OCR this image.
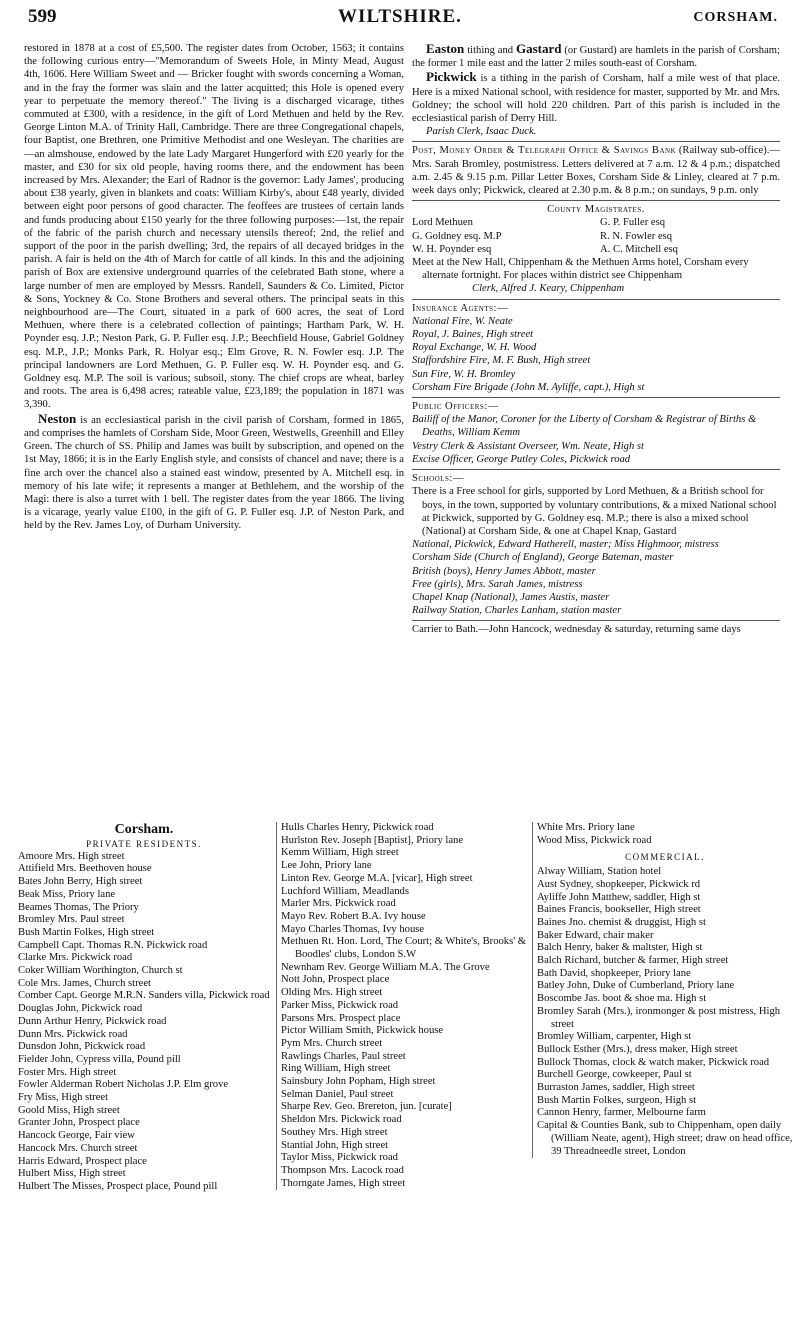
599	WILTSHIRE.	CORSHAM.

restored in 1878 at a cost of £5,500. The register dates from October, 1563; it contains the following curious entry—"Memorandum of Sweets Hole, in Minty Mead, August 4th, 1606. Here William Sweet and — Bricker fought with swords concerning a Woman, and in the fray the former was slain and the latter acquitted; this Hole is opened every year to perpetuate the memory thereof." The living is a discharged vicarage, tithes commuted at £300, with a residence, in the gift of Lord Methuen and held by the Rev. George Linton M.A. of Trinity Hall, Cambridge. There are three Congregational chapels, four Baptist, one Brethren, one Primitive Methodist and one Wesleyan. The charities are—an almshouse, endowed by the late Lady Margaret Hungerford with £20 yearly for the master, and £30 for six old people, having rooms there, and the endowment has been increased by Mrs. Alexander; the Earl of Radnor is the governor: Lady James', producing about £38 yearly, given in blankets and coats: William Kirby's, about £48 yearly, divided between eight poor persons of good character. The feoffees are trustees of certain lands and funds producing about £150 yearly for the three following purposes:—1st, the repair of the fabric of the parish church and necessary utensils thereof; 2nd, the relief and support of the poor in the parish dwelling; 3rd, the repairs of all decayed bridges in the parish. A fair is held on the 4th of March for cattle of all kinds. In this and the adjoining parish of Box are extensive underground quarries of the celebrated Bath stone, where a large number of men are employed by Messrs. Randell, Saunders & Co. Limited, Pictor & Sons, Yockney & Co. Stone Brothers and several others. The principal seats in this neighbourhood are—The Court, situated in a park of 600 acres, the seat of Lord Methuen, where there is a celebrated collection of paintings; Hartham Park, W. H. Poynder esq. J.P.; Neston Park, G. P. Fuller esq. J.P.; Beechfield House, Gabriel Goldney esq. M.P., J.P.; Monks Park, R. Holyar esq.; Elm Grove, R. N. Fowler esq. J.P. The principal landowners are Lord Methuen, G. P. Fuller esq. W. H. Poynder esq. and G. Goldney esq. M.P. The soil is various; subsoil, stony. The chief crops are wheat, barley and roots. The area is 6,498 acres; rateable value, £23,189; the population in 1871 was 3,390.

Neston is an ecclesiastical parish in the civil parish of Corsham, formed in 1865, and comprises the hamlets of Corsham Side, Moor Green, Westwells, Greenhill and Elley Green. The church of SS. Philip and James was built by subscription, and opened on the 1st May, 1866; it is in the Early English style, and consists of chancel and nave; there is a fine arch over the chancel also a stained east window, presented by A. Mitchell esq. in memory of his late wife; it represents a manger at Bethlehem, and the worship of the Magi: there is also a turret with 1 bell. The register dates from the year 1866. The living is a vicarage, yearly value £100, in the gift of G. P. Fuller esq. J.P. of Neston Park, and held by the Rev. James Loy, of Durham University.

Easton tithing and Gastard (or Gustard) are hamlets in the parish of Corsham; the former 1 mile east and the latter 2 miles south-east of Corsham.

Pickwick is a tithing in the parish of Corsham, half a mile west of that place. Here is a mixed National school, with residence for master, supported by Mr. and Mrs. Goldney; the school will hold 220 children. Part of this parish is included in the ecclesiastical parish of Derry Hill.

Parish Clerk, Isaac Duck.

Post, Money Order & Telegraph Office & Savings Bank (Railway sub-office).—Mrs. Sarah Bromley, postmistress. Letters delivered at 7 a.m. 12 & 4 p.m.; dispatched a.m. 2.45 & 9.15 p.m. Pillar Letter Boxes, Corsham Side & Linley, cleared at 7 p.m. week days only; Pickwick, cleared at 2.30 p.m. & 8 p.m.; on sundays, 9 p.m. only

County Magistrates.

Lord Methuen	G. P. Fuller esq
G. Goldney esq. M.P	R. N. Fowler esq
W. H. Poynder esq	A. C. Mitchell esq

Meet at the New Hall, Chippenham & the Methuen Arms hotel, Corsham every alternate fortnight. For places within district see Chippenham

Clerk, Alfred J. Keary, Chippenham

Insurance Agents:—

National Fire, W. Neate

Royal, J. Baines, High street

Royal Exchange, W. H. Wood

Staffordshire Fire, M. F. Bush, High street

Sun Fire, W. H. Bromley

Corsham Fire Brigade (John M. Ayliffe, capt.), High st

Public Officers:—

Bailiff of the Manor, Coroner for the Liberty of Corsham & Registrar of Births & Deaths, William Kemm

Vestry Clerk & Assistant Overseer, Wm. Neate, High st

Excise Officer, George Putley Coles, Pickwick road

Schools:—

There is a Free school for girls, supported by Lord Methuen, & a British school for boys, in the town, supported by voluntary contributions, & a mixed National school at Pickwick, supported by G. Goldney esq. M.P.; there is also a mixed school (National) at Corsham Side, & one at Chapel Knap, Gastard

National, Pickwick, Edward Hatherell, master; Miss Highmoor, mistress

Corsham Side (Church of England), George Bateman, master

British (boys), Henry James Abbott, master

Free (girls), Mrs. Sarah James, mistress

Chapel Knap (National), James Austis, master

Railway Station, Charles Lanham, station master

Carrier to Bath.—John Hancock, wednesday & saturday, returning same days

Corsham.
PRIVATE RESIDENTS.
Amoore Mrs. High street
Attifield Mrs. Beethoven house
Bates John Berry, High street
Beak Miss, Priory lane
Beames Thomas, The Priory
Bromley Mrs. Paul street
Bush Martin Folkes, High street
Campbell Capt. Thomas R.N. Pickwick road
Clarke Mrs. Pickwick road
Coker William Worthington, Church st
Cole Mrs. James, Church street
Comber Capt. George M.R.N. Sanders villa, Pickwick road
Douglas John, Pickwick road
Dunn Arthur Henry, Pickwick road
Dunn Mrs. Pickwick road
Dunsdon John, Pickwick road
Fielder John, Cypress villa, Pound pill
Foster Mrs. High street
Fowler Alderman Robert Nicholas J.P. Elm grove
Fry Miss, High street
Goold Miss, High street
Granter John, Prospect place
Hancock George, Fair view
Hancock Mrs. Church street
Harris Edward, Prospect place
Hulbert Miss, High street
Hulbert The Misses, Prospect place, Pound pill
Hulls Charles Henry, Pickwick road
Hurlston Rev. Joseph [Baptist], Priory lane
Kemm William, High street
Lee John, Priory lane
Linton Rev. George M.A. [vicar], High street
Luchford William, Meadlands
Marler Mrs. Pickwick road
Mayo Rev. Robert B.A. Ivy house
Mayo Charles Thomas, Ivy house
Methuen Rt. Hon. Lord, The Court; & White's, Brooks' & Boodles' clubs, London S.W
Newnham Rev. George William M.A. The Grove
Nott John, Prospect place
Olding Mrs. High street
Parker Miss, Pickwick road
Parsons Mrs. Prospect place
Pictor William Smith, Pickwick house
Pym Mrs. Church street
Rawlings Charles, Paul street
Ring William, High street
Sainsbury John Popham, High street
Selman Daniel, Paul street
Sharpe Rev. Geo. Brereton, jun. [curate]
Sheldon Mrs. Pickwick road
Southey Mrs. High street
Stantial John, High street
Taylor Miss, Pickwick road
Thompson Mrs. Lacock road
Thorngate James, High street
White Mrs. Priory lane
Wood Miss, Pickwick road
COMMERCIAL.
Alway William, Station hotel
Aust Sydney, shopkeeper, Pickwick rd
Ayliffe John Matthew, saddler, High st
Baines Francis, bookseller, High street
Baines Jno. chemist & druggist, High st
Baker Edward, chair maker
Balch Henry, baker & maltster, High st
Balch Richard, butcher & farmer, High street
Bath David, shopkeeper, Priory lane
Batley John, Duke of Cumberland, Priory lane
Boscombe Jas. boot & shoe ma. High st
Bromley Sarah (Mrs.), ironmonger & post mistress, High street
Bromley William, carpenter, High st
Bullock Esther (Mrs.), dress maker, High street
Bullock Thomas, clock & watch maker, Pickwick road
Burchell George, cowkeeper, Paul st
Burraston James, saddler, High street
Bush Martin Folkes, surgeon, High st
Cannon Henry, farmer, Melbourne farm
Capital & Counties Bank, sub to Chippenham, open daily (William Neate, agent), High street; draw on head office, 39 Threadneedle street, London
